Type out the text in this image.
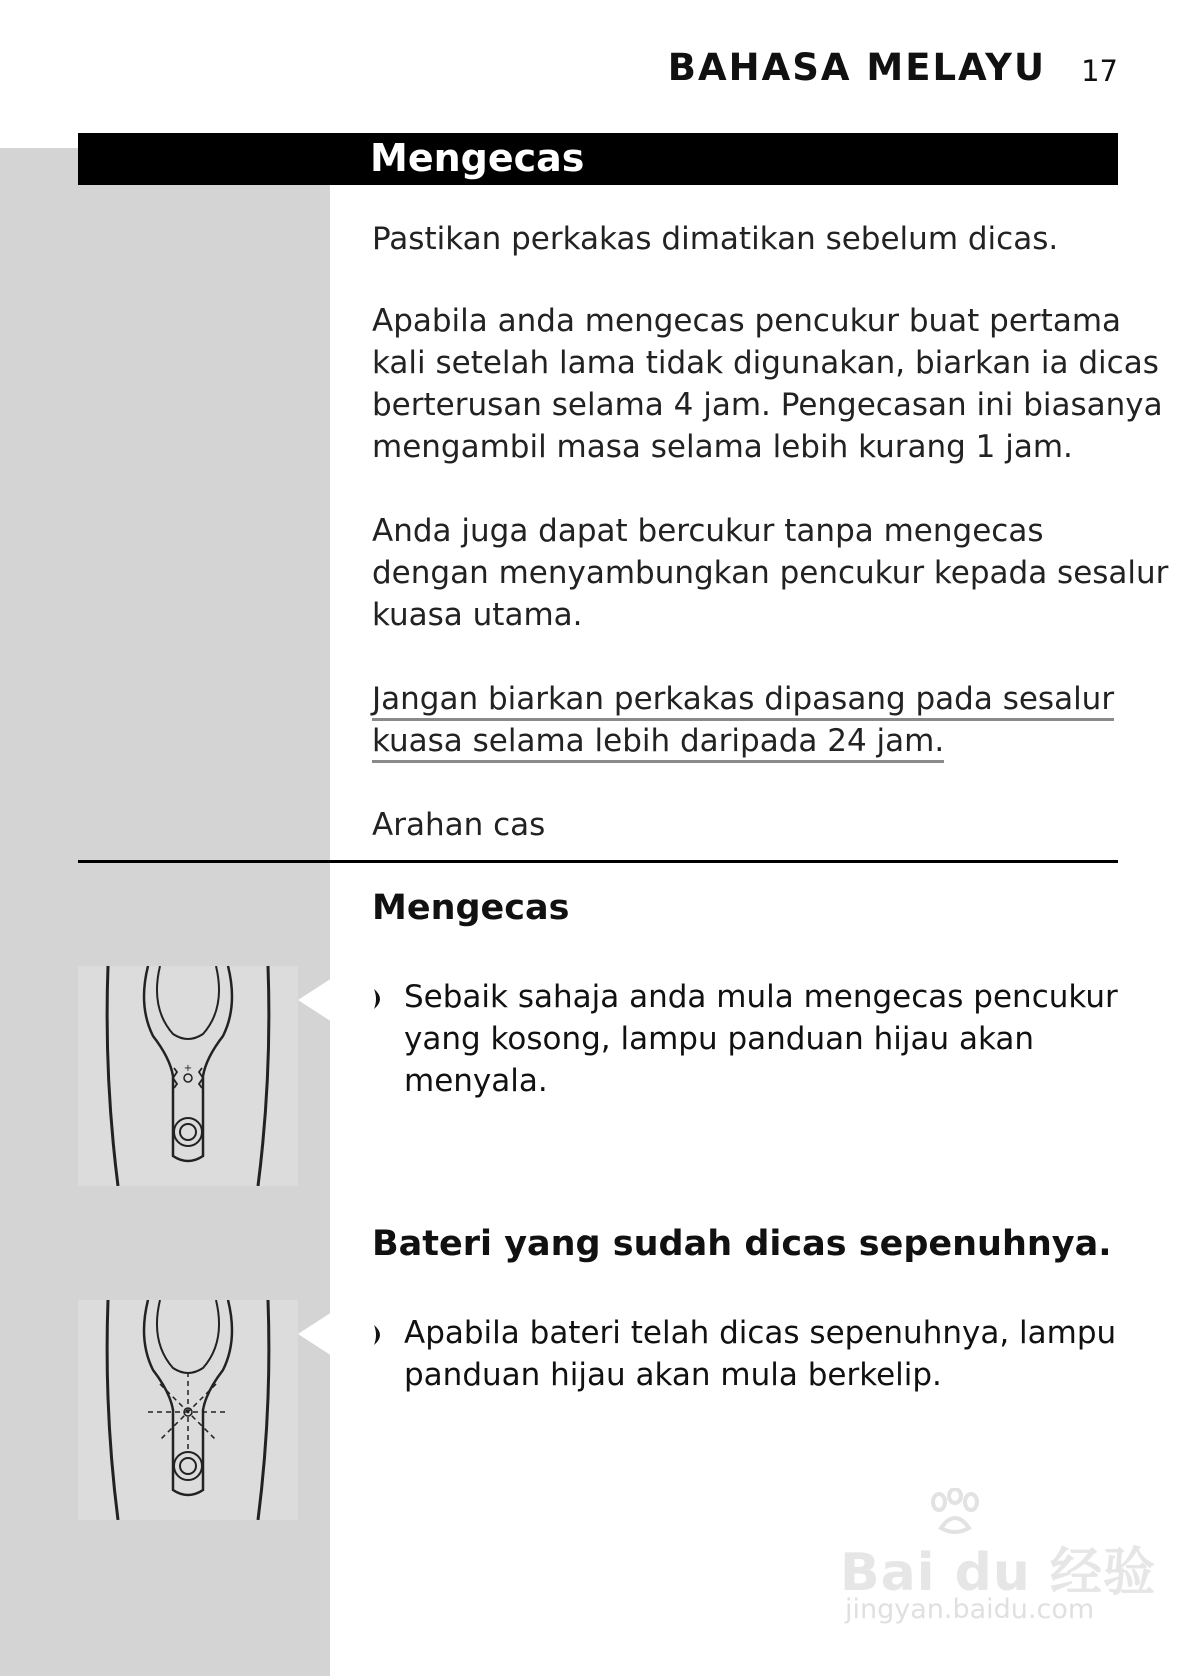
BAHASA MELAYU 17
Mengecas
Pastikan perkakas dimatikan sebelum dicas.
Apabila anda mengecas pencukur buat pertama
kali setelah lama tidak digunakan, biarkan ia dicas
berterusan selama 4 jam. Pengecasan ini biasanya
mengambil masa selama lebih kurang 1 jam.
Anda juga dapat bercukur tanpa mengecas
dengan menyambungkan pencukur kepada sesalur
kuasa utama.
Jangan biarkan perkakas dipasang pada sesalur
kuasa selama lebih daripada 24 jam.
Arahan cas
Mengecas
+
Sebaik sahaja anda mula mengecas pencukur
yang kosong, lampu panduan hijau akan
menyala.
Bateri yang sudah dicas sepenuhnya.
Apabila bateri telah dicas sepenuhnya, lampu
panduan hijau akan mula berkelip.
Bai du 经验
jingyan.baidu.com
